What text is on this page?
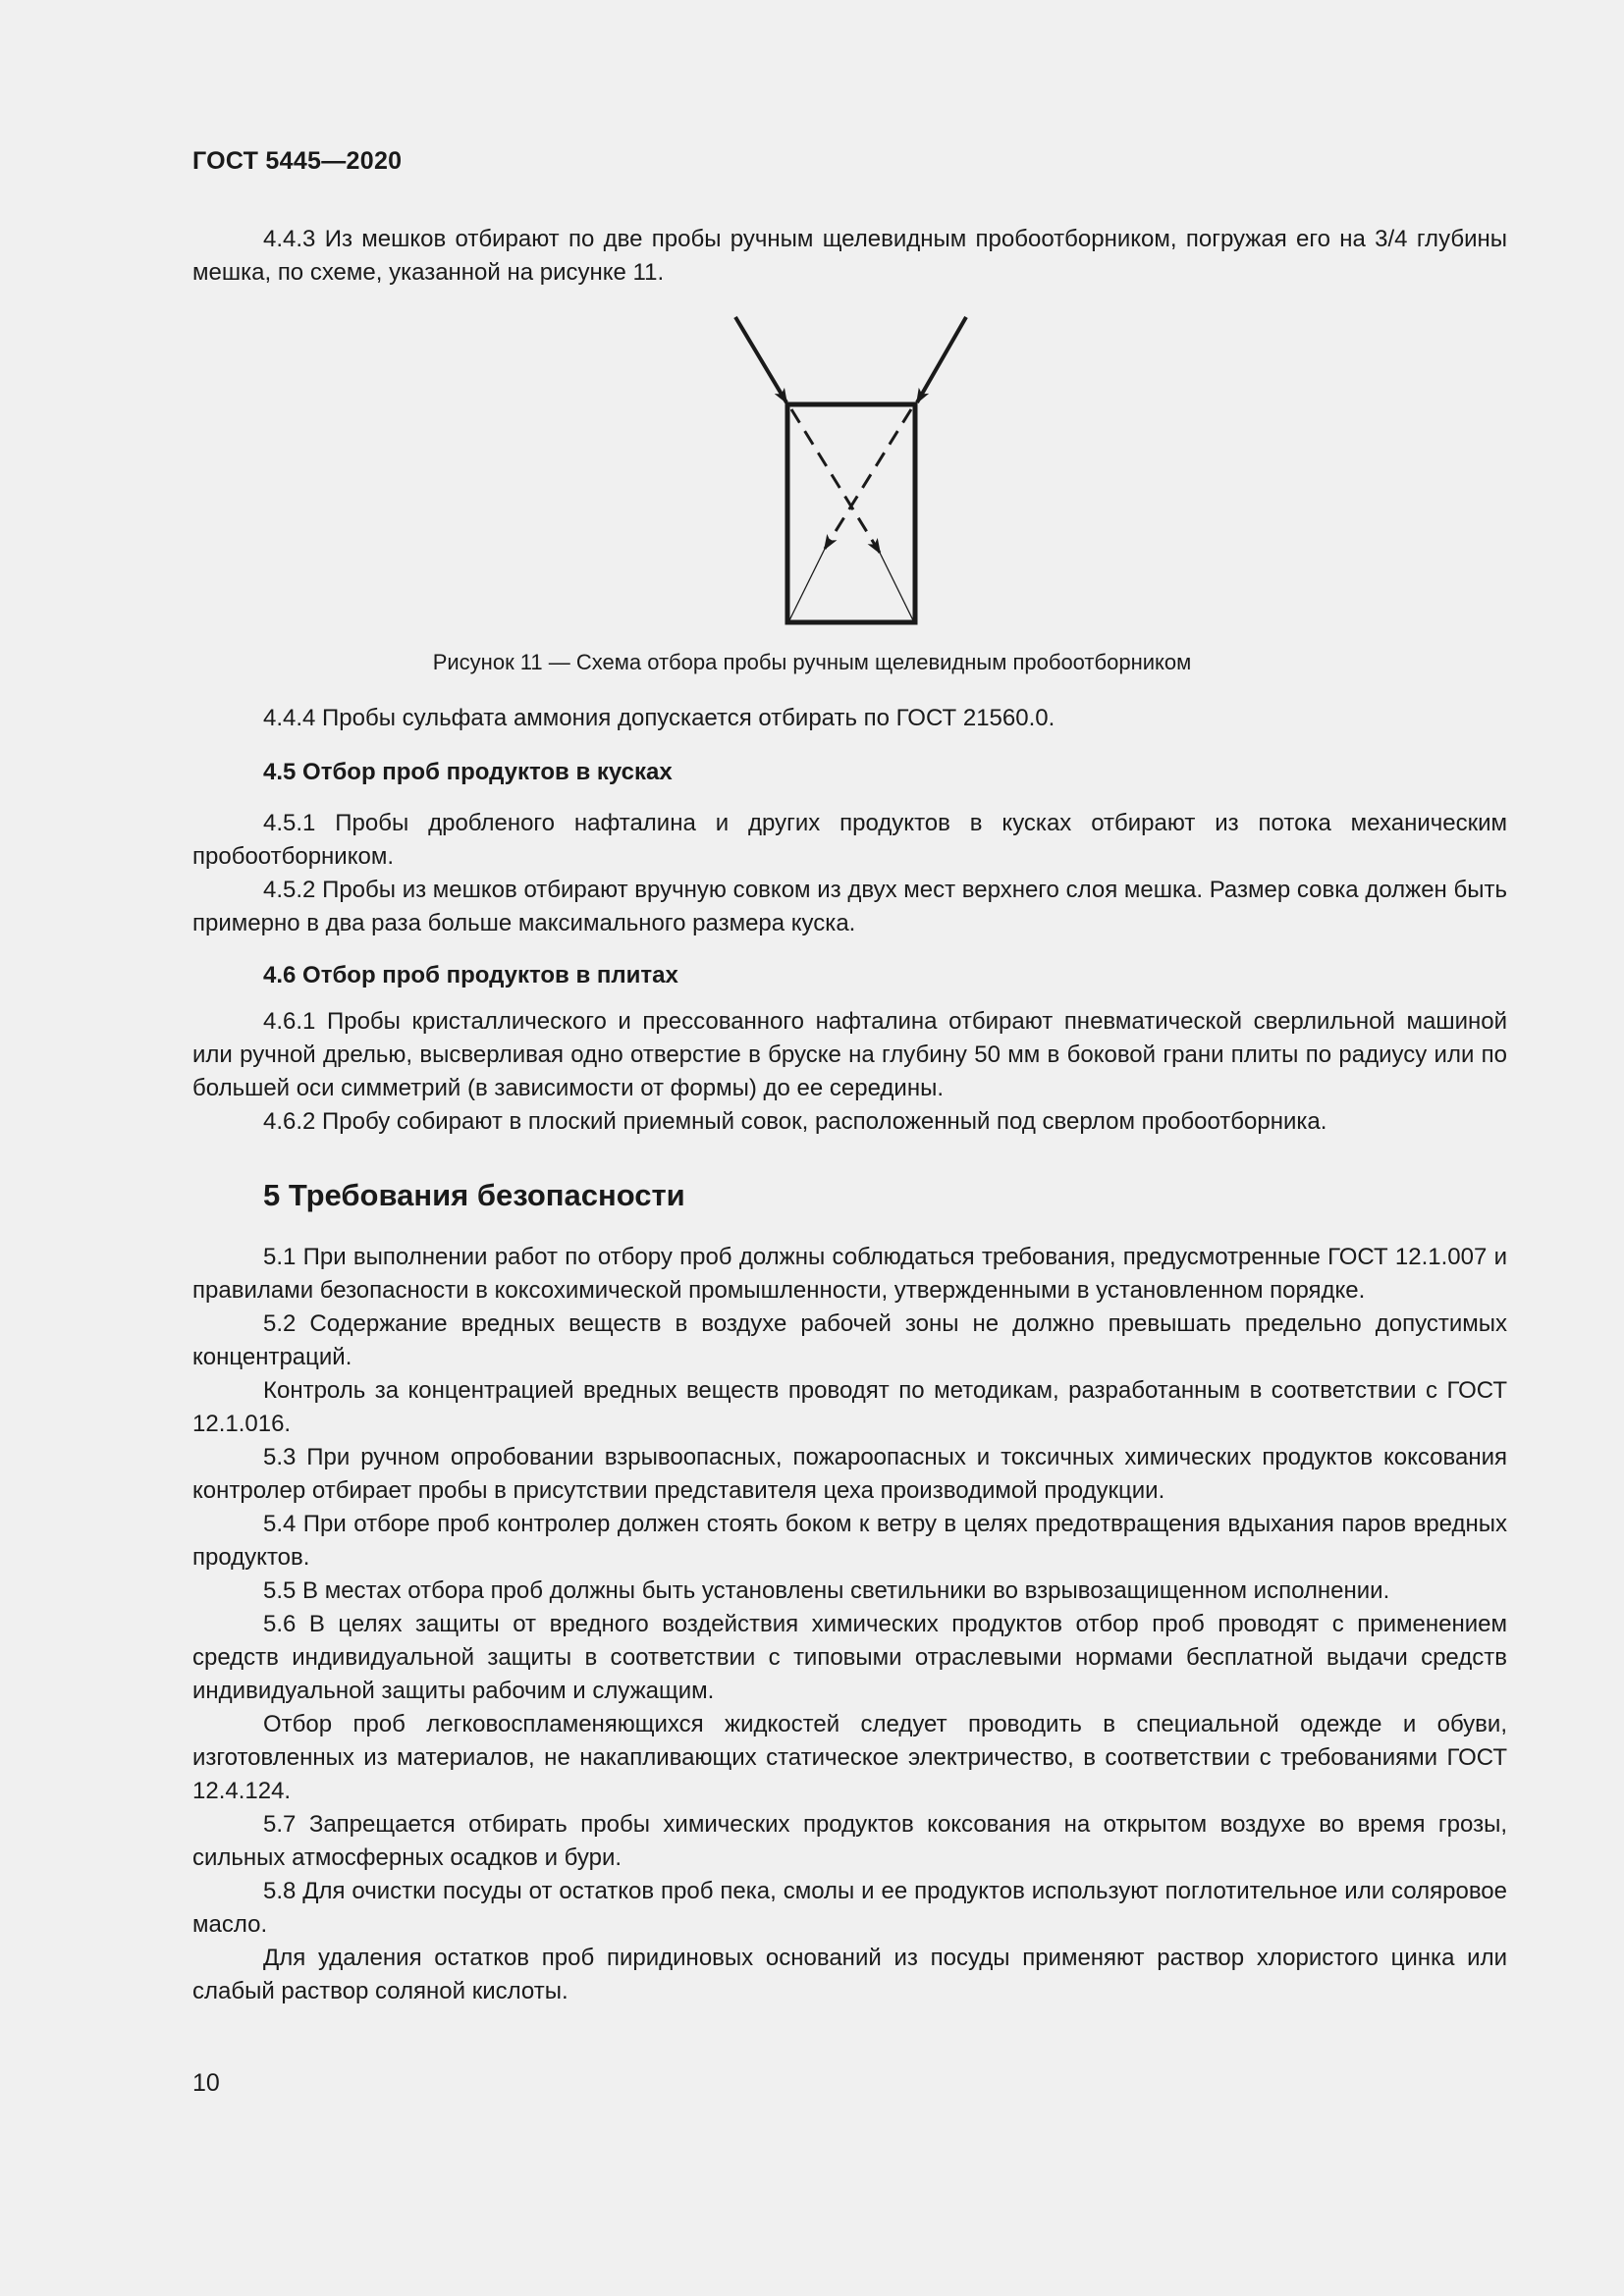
ГОСТ 5445—2020

4.4.3 Из мешков отбирают по две пробы ручным щелевидным пробоотборником, погружая его на 3/4 глубины мешка, по схеме, указанной на рисунке 11.

Рисунок 11 — Схема отбора пробы ручным щелевидным пробоотборником

4.4.4 Пробы сульфата аммония допускается отбирать по ГОСТ 21560.0.

4.5 Отбор проб продуктов в кусках

4.5.1 Пробы дробленого нафталина и других продуктов в кусках отбирают из потока механическим пробоотборником.

4.5.2 Пробы из мешков отбирают вручную совком из двух мест верхнего слоя мешка. Размер совка должен быть примерно в два раза больше максимального размера куска.

4.6 Отбор проб продуктов в плитах

4.6.1 Пробы кристаллического и прессованного нафталина отбирают пневматической сверлильной машиной или ручной дрелью, высверливая одно отверстие в бруске на глубину 50 мм в боковой грани плиты по радиусу или по большей оси симметрий (в зависимости от формы) до ее середины.

4.6.2 Пробу собирают в плоский приемный совок, расположенный под сверлом пробоотборника.

5 Требования безопасности

5.1 При выполнении работ по отбору проб должны соблюдаться требования, предусмотренные ГОСТ 12.1.007 и правилами безопасности в коксохимической промышленности, утвержденными в установленном порядке.

5.2 Содержание вредных веществ в воздухе рабочей зоны не должно превышать предельно допустимых концентраций.

Контроль за концентрацией вредных веществ проводят по методикам, разработанным в соответствии с ГОСТ 12.1.016.

5.3 При ручном опробовании взрывоопасных, пожароопасных и токсичных химических продуктов коксования контролер отбирает пробы в присутствии представителя цеха производимой продукции.

5.4 При отборе проб контролер должен стоять боком к ветру в целях предотвращения вдыхания паров вредных продуктов.

5.5 В местах отбора проб должны быть установлены светильники во взрывозащищенном исполнении.

5.6 В целях защиты от вредного воздействия химических продуктов отбор проб проводят с применением средств индивидуальной защиты в соответствии с типовыми отраслевыми нормами бесплатной выдачи средств индивидуальной защиты рабочим и служащим.

Отбор проб легковоспламеняющихся жидкостей следует проводить в специальной одежде и обуви, изготовленных из материалов, не накапливающих статическое электричество, в соответствии с требованиями ГОСТ 12.4.124.

5.7 Запрещается отбирать пробы химических продуктов коксования на открытом воздухе во время грозы, сильных атмосферных осадков и бури.

5.8 Для очистки посуды от остатков проб пека, смолы и ее продуктов используют поглотительное или соляровое масло.

Для удаления остатков проб пиридиновых оснований из посуды применяют раствор хлористого цинка или слабый раствор соляной кислоты.

10
